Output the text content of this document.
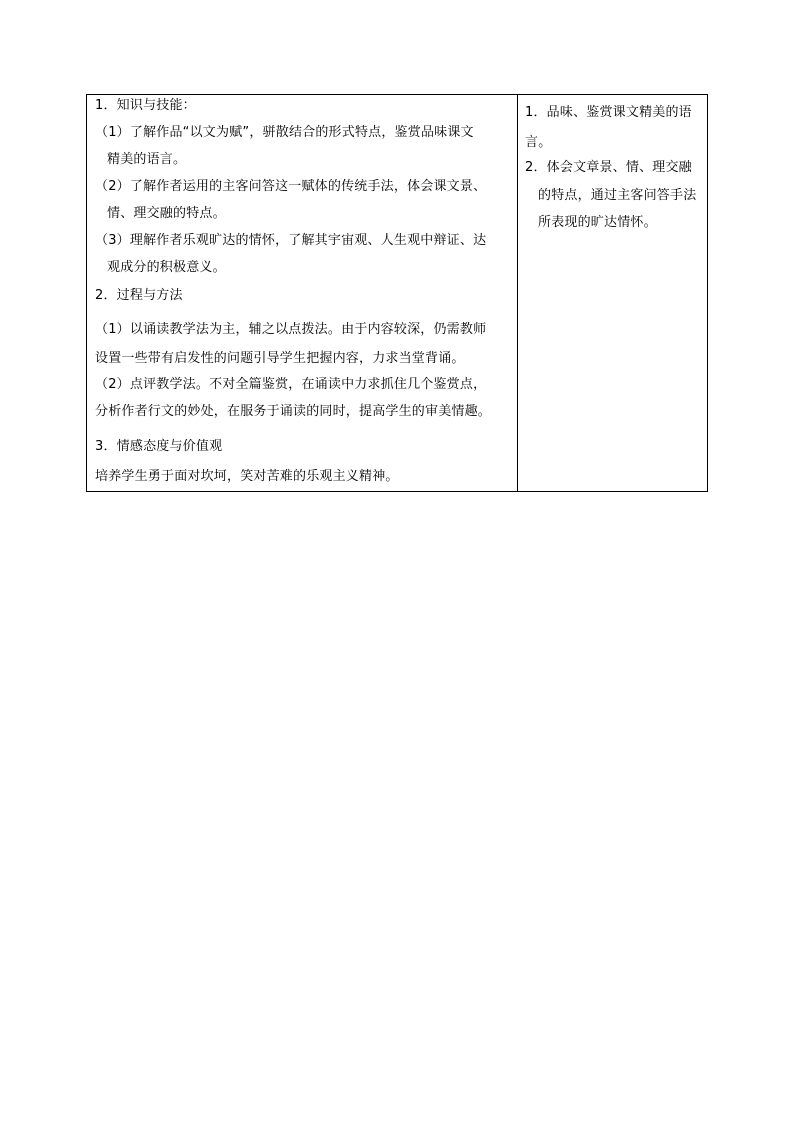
1．知识与技能：
（1）了解作品“以文为赋”，骈散结合的形式特点，鉴赏品味课文
精美的语言。
（2）了解作者运用的主客问答这一赋体的传统手法，体会课文景、
情、理交融的特点。
（3）理解作者乐观旷达的情怀，了解其宇宙观、人生观中辩证、达
观成分的积极意义。
2．过程与方法
（1）以诵读教学法为主，辅之以点拨法。由于内容较深，仍需教师
设置一些带有启发性的问题引导学生把握内容，力求当堂背诵。
（2）点评教学法。不对全篇鉴赏，在诵读中力求抓住几个鉴赏点，
分析作者行文的妙处，在服务于诵读的同时，提高学生的审美情趣。
3．情感态度与价值观
培养学生勇于面对坎坷，笑对苦难的乐观主义精神。
1．品味、鉴赏课文精美的语
言。
2．体会文章景、情、理交融
的特点，通过主客问答手法
所表现的旷达情怀。
